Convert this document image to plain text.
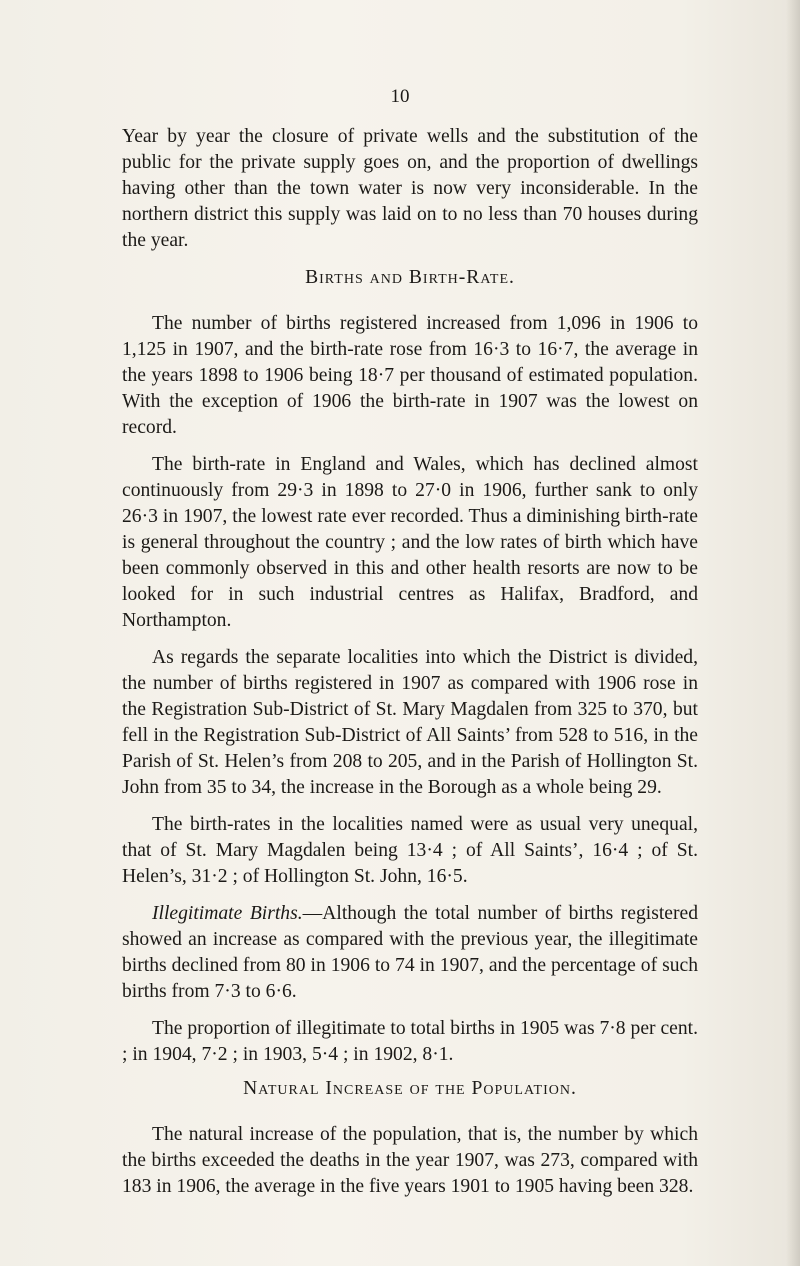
10

Year by year the closure of private wells and the substitution of the public for the private supply goes on, and the proportion of dwellings having other than the town water is now very inconsiderable. In the northern district this supply was laid on to no less than 70 houses during the year.

Births and Birth-Rate.

The number of births registered increased from 1,096 in 1906 to 1,125 in 1907, and the birth-rate rose from 16·3 to 16·7, the average in the years 1898 to 1906 being 18·7 per thousand of estimated population. With the exception of 1906 the birth-rate in 1907 was the lowest on record.

The birth-rate in England and Wales, which has declined almost continuously from 29·3 in 1898 to 27·0 in 1906, further sank to only 26·3 in 1907, the lowest rate ever recorded. Thus a diminishing birth-rate is general throughout the country ; and the low rates of birth which have been commonly observed in this and other health resorts are now to be looked for in such industrial centres as Halifax, Bradford, and Northampton.

As regards the separate localities into which the District is divided, the number of births registered in 1907 as compared with 1906 rose in the Registration Sub-District of St. Mary Magdalen from 325 to 370, but fell in the Registration Sub-District of All Saints’ from 528 to 516, in the Parish of St. Helen’s from 208 to 205, and in the Parish of Hollington St. John from 35 to 34, the increase in the Borough as a whole being 29.

The birth-rates in the localities named were as usual very unequal, that of St. Mary Magdalen being 13·4 ; of All Saints’, 16·4 ; of St. Helen’s, 31·2 ; of Hollington St. John, 16·5.

Illegitimate Births.—Although the total number of births registered showed an increase as compared with the previous year, the illegitimate births declined from 80 in 1906 to 74 in 1907, and the percentage of such births from 7·3 to 6·6.

The proportion of illegitimate to total births in 1905 was 7·8 per cent. ; in 1904, 7·2 ; in 1903, 5·4 ; in 1902, 8·1.

Natural Increase of the Population.

The natural increase of the population, that is, the number by which the births exceeded the deaths in the year 1907, was 273, compared with 183 in 1906, the average in the five years 1901 to 1905 having been 328.
